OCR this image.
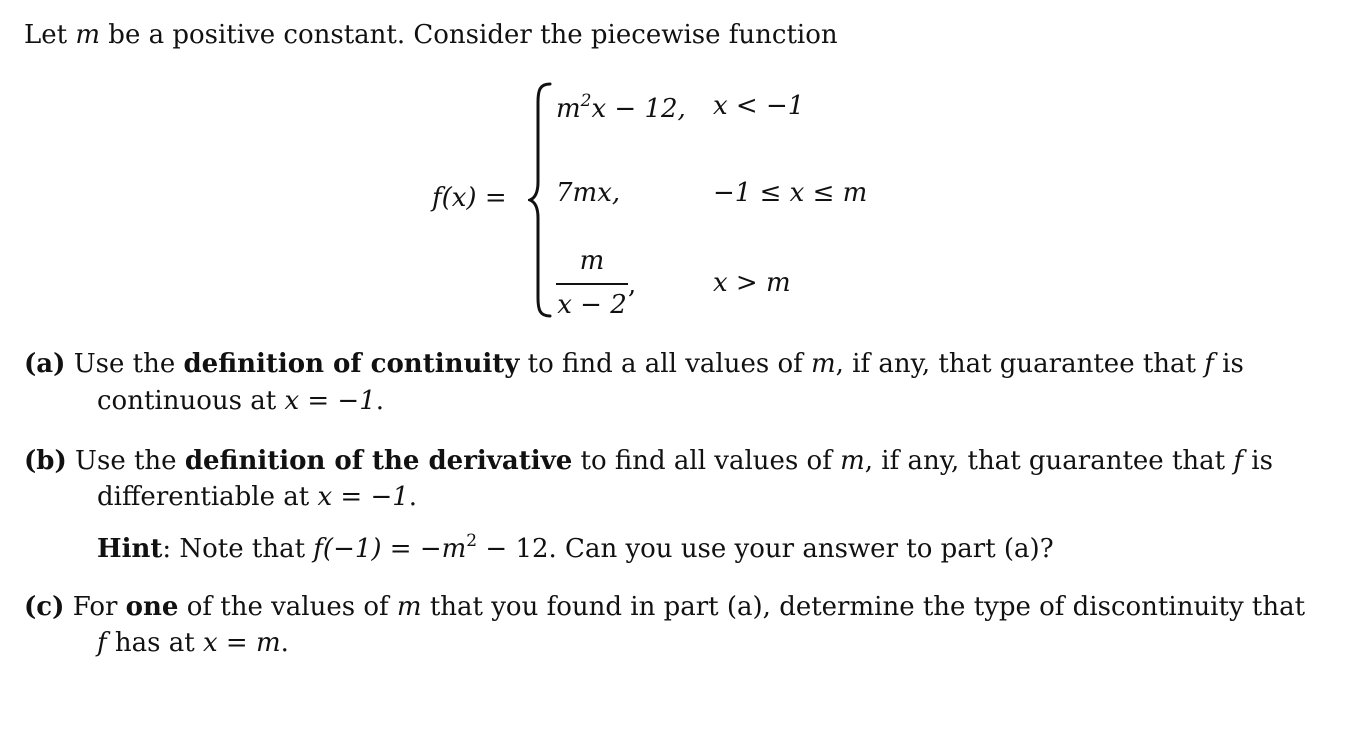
Let m be a positive constant. Consider the piecewise function
f(x) =
$m^2x - 12$, x < −1
7mx,	−1 ≤ x ≤ m
m
x − 2
,	x > m
(a) Use the definition of continuity to find a all values of m, if any, that guarantee that f is
continuous at x = −1.
(b) Use the definition of the derivative to find all values of m, if any, that guarantee that f is
differentiable at x = −1.
Hint: Note that $f(-1) = -m^2 - 12$. Can you use your answer to part (a)?
(c) For one of the values of m that you found in part (a), determine the type of discontinuity that
f has at x = m.
